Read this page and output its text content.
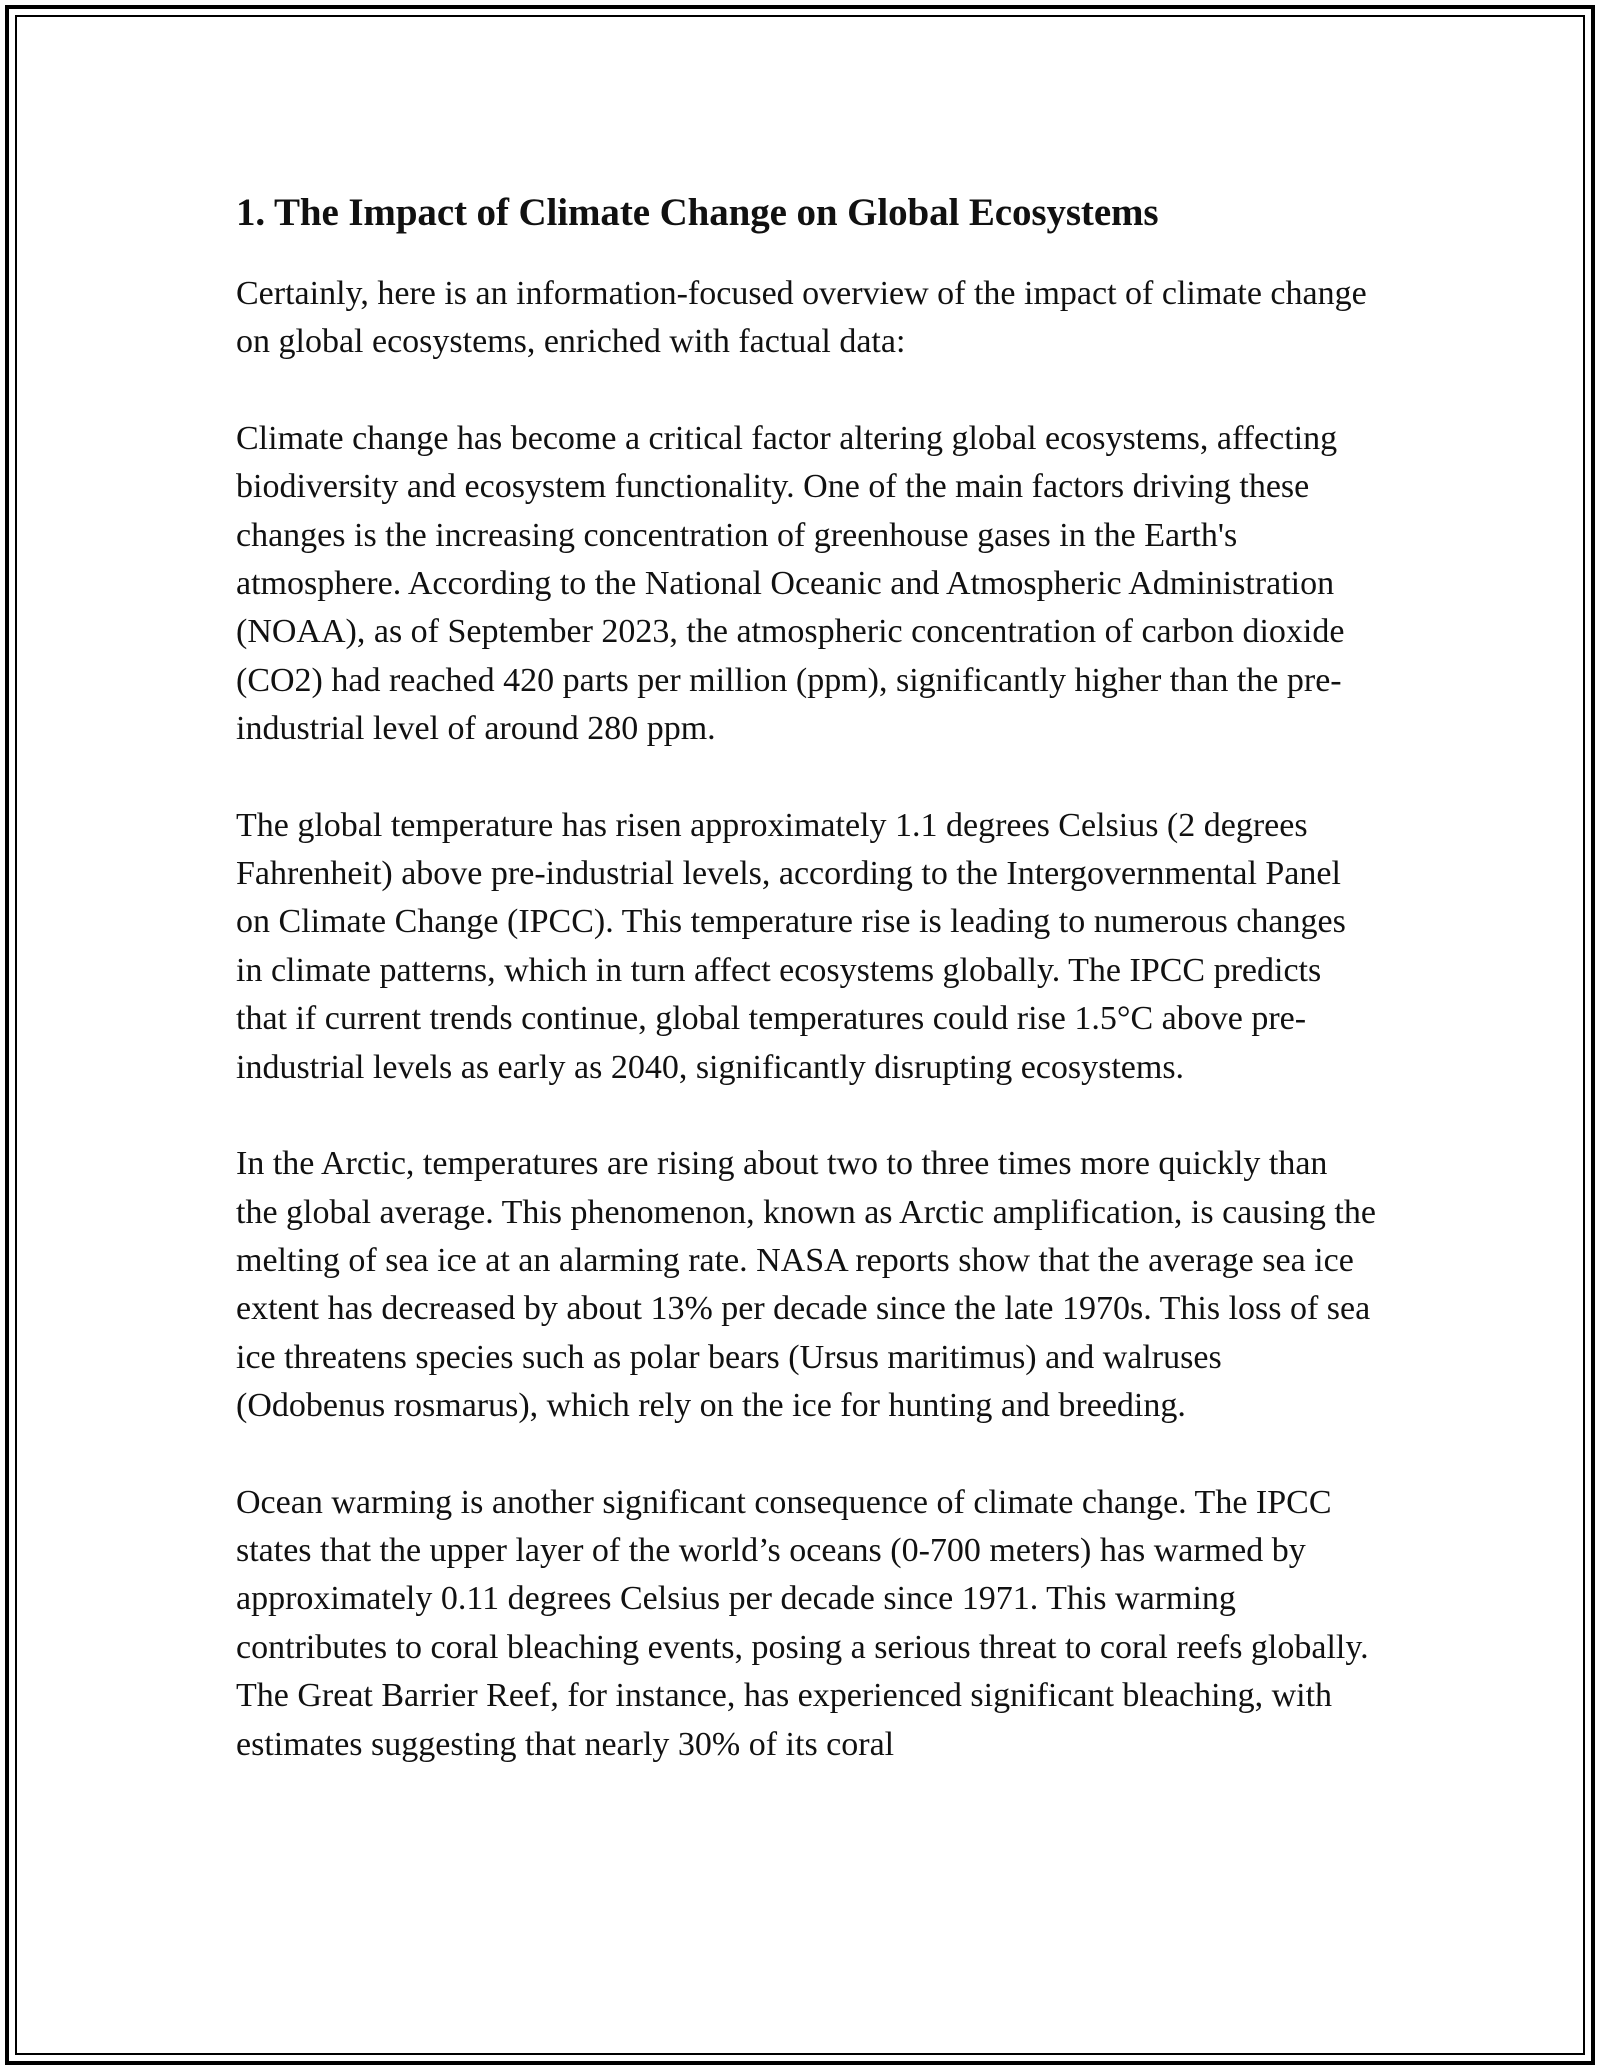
1. The Impact of Climate Change on Global Ecosystems

Certainly, here is an information-focused overview of the impact of climate change on global ecosystems, enriched with factual data:

Climate change has become a critical factor altering global ecosystems, affecting biodiversity and ecosystem functionality. One of the main factors driving these changes is the increasing concentration of greenhouse gases in the Earth's atmosphere. According to the National Oceanic and Atmospheric Administration (NOAA), as of September 2023, the atmospheric concentration of carbon dioxide (CO2) had reached 420 parts per million (ppm), significantly higher than the pre-industrial level of around 280 ppm.

The global temperature has risen approximately 1.1 degrees Celsius (2 degrees Fahrenheit) above pre-industrial levels, according to the Intergovernmental Panel on Climate Change (IPCC). This temperature rise is leading to numerous changes in climate patterns, which in turn affect ecosystems globally. The IPCC predicts that if current trends continue, global temperatures could rise 1.5°C above pre-industrial levels as early as 2040, significantly disrupting ecosystems.

In the Arctic, temperatures are rising about two to three times more quickly than the global average. This phenomenon, known as Arctic amplification, is causing the melting of sea ice at an alarming rate. NASA reports show that the average sea ice extent has decreased by about 13% per decade since the late 1970s. This loss of sea ice threatens species such as polar bears (Ursus maritimus) and walruses (Odobenus rosmarus), which rely on the ice for hunting and breeding.

Ocean warming is another significant consequence of climate change. The IPCC states that the upper layer of the world’s oceans (0-700 meters) has warmed by approximately 0.11 degrees Celsius per decade since 1971. This warming contributes to coral bleaching events, posing a serious threat to coral reefs globally. The Great Barrier Reef, for instance, has experienced significant bleaching, with estimates suggesting that nearly 30% of its coral
